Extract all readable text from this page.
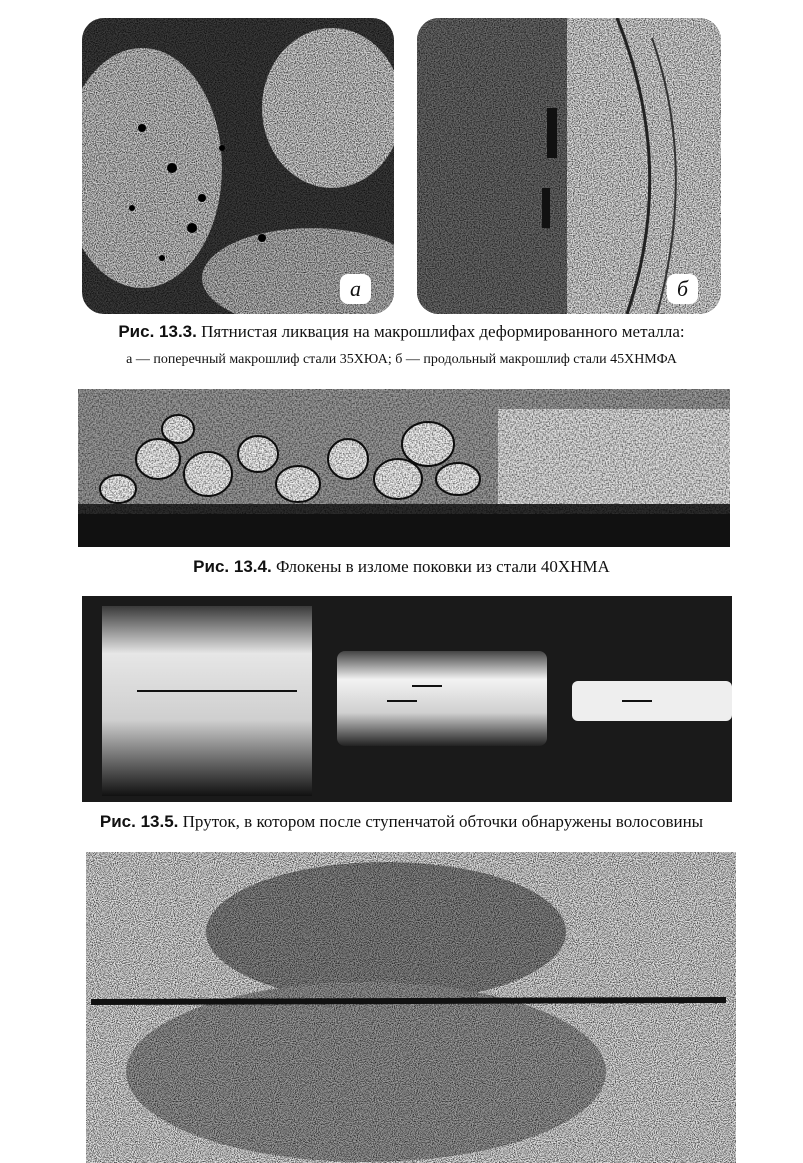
а	б
Рис. 13.3. Пятнистая ликвация на макрошлифах деформированного металла:
а — поперечный макрошлиф стали 35ХЮА; б — продольный макрошлиф стали 45ХНМФА
Рис. 13.4. Флокены в изломе поковки из стали 40ХНМА
Рис. 13.5. Пруток, в котором после ступенчатой обточки обнаружены волосовины
